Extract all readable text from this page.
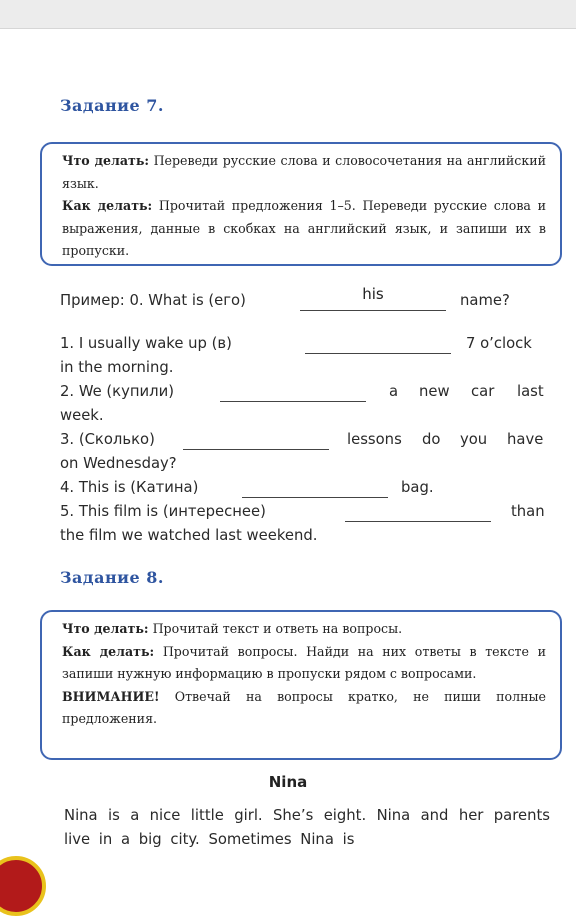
Задание 7.

Что делать: Переведи русские слова и словосочетания на английский язык.

Как делать: Прочитай предложения 1–5. Переведи русские слова и выражения, данные в скобках на английский язык, и запиши их в пропуски.

Пример: 0. What is (его)	his	name?
1. I usually wake up (в)	7 o’clock
in the morning.
2. We (купили)	a new car last
week.
3. (Сколько)	lessons do you have
on Wednesday?
4. This is (Катина)	bag.
5. This film is (интереснее)	than
the film we watched last weekend.
Задание 8.

Что делать: Прочитай текст и ответь на вопросы.

Как делать: Прочитай вопросы. Найди на них ответы в тексте и запиши нужную информацию в пропуски рядом с вопросами.

ВНИМАНИЕ! Отвечай на вопросы кратко, не пиши полные предложения.

Nina
Nina is a nice little girl. She’s eight. Nina and her parents live in a big city. Sometimes Nina is
